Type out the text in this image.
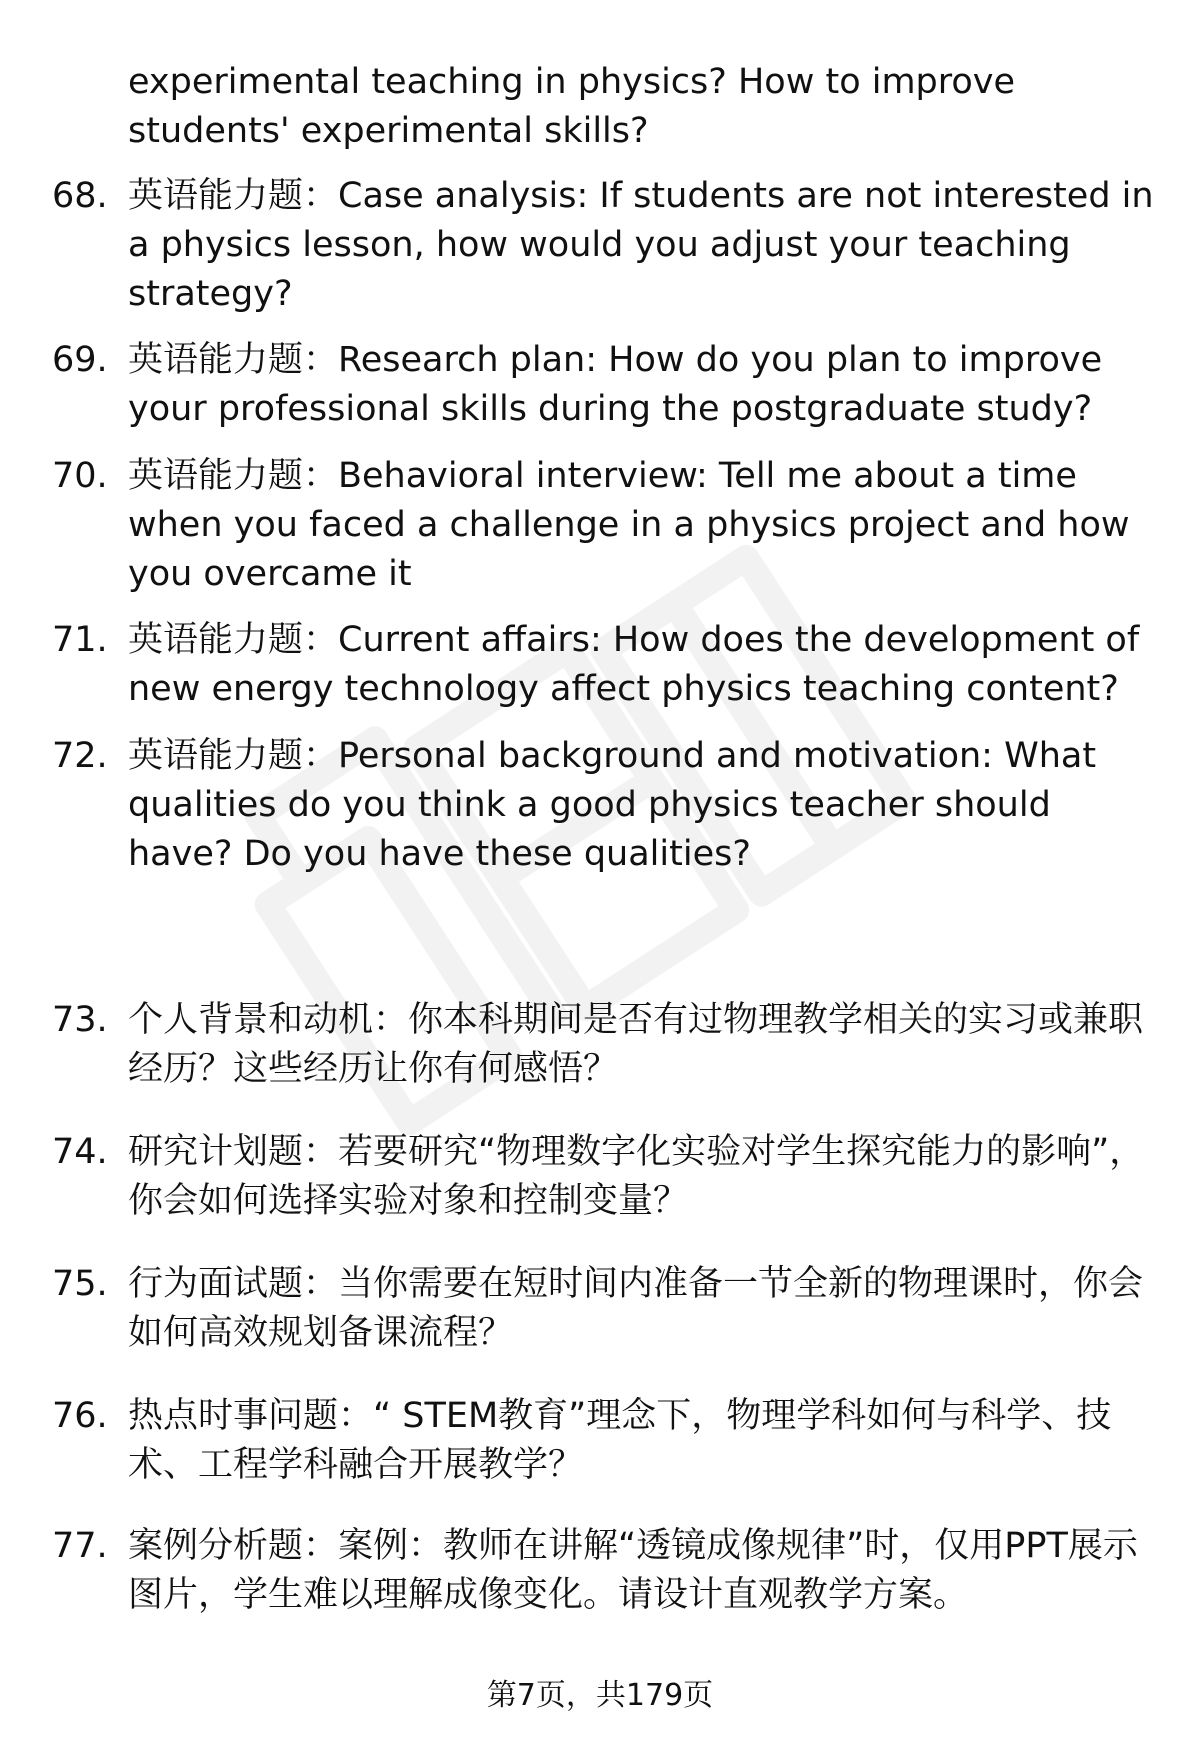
experimental teaching in physics? How to improve students' experimental skills?
68. 英语能力题：Case analysis: If students are not interested in a physics lesson, how would you adjust your teaching strategy?
69. 英语能力题：Research plan: How do you plan to improve your professional skills during the postgraduate study?
70. 英语能力题：Behavioral interview: Tell me about a time when you faced a challenge in a physics project and how you overcame it
71. 英语能力题：Current affairs: How does the development of new energy technology affect physics teaching content?
72. 英语能力题：Personal background and motivation: What qualities do you think a good physics teacher should have? Do you have these qualities?
73. 个人背景和动机：你本科期间是否有过物理教学相关的实习或兼职经历？这些经历让你有何感悟？
74. 研究计划题：若要研究“物理数字化实验对学生探究能力的影响”，你会如何选择实验对象和控制变量？
75. 行为面试题：当你需要在短时间内准备一节全新的物理课时，你会如何高效规划备课流程？
76. 热点时事问题：“ STEM教育”理念下，物理学科如何与科学、技术、工程学科融合开展教学？
77. 案例分析题：案例：教师在讲解“透镜成像规律”时，仅用PPT展示图片，学生难以理解成像变化。请设计直观教学方案。
第7页，共179页
